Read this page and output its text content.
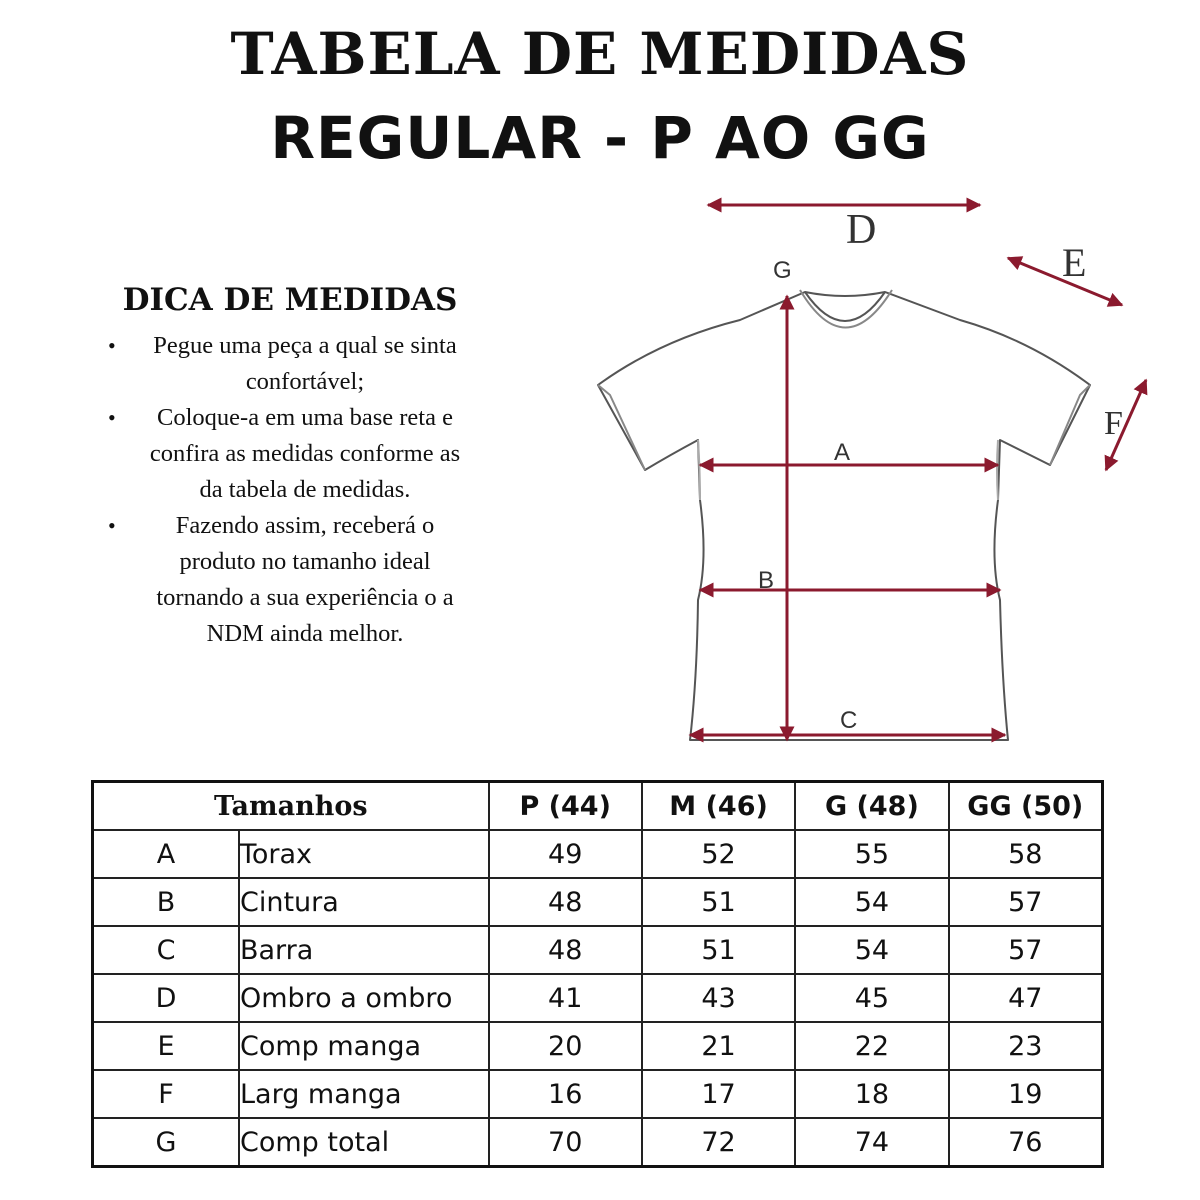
TABELA DE MEDIDAS
REGULAR - P AO GG
DICA DE MEDIDAS
• Pegue uma peça a qual se sinta confortável;
• Coloque-a em uma base reta e confira as medidas conforme as da tabela de medidas.
• Fazendo assim, receberá o produto no tamanho ideal tornando a sua experiência o a NDM ainda melhor.
D
E
F
G
A
B
C
Tamanhos		P (44)	M (46)	G (48)	GG (50)
A	Torax	49	52	55	58
B	Cintura	48	51	54	57
C	Barra	48	51	54	57
D	Ombro a ombro	41	43	45	47
E	Comp manga	20	21	22	23
F	Larg manga	16	17	18	19
G	Comp total	70	72	74	76
